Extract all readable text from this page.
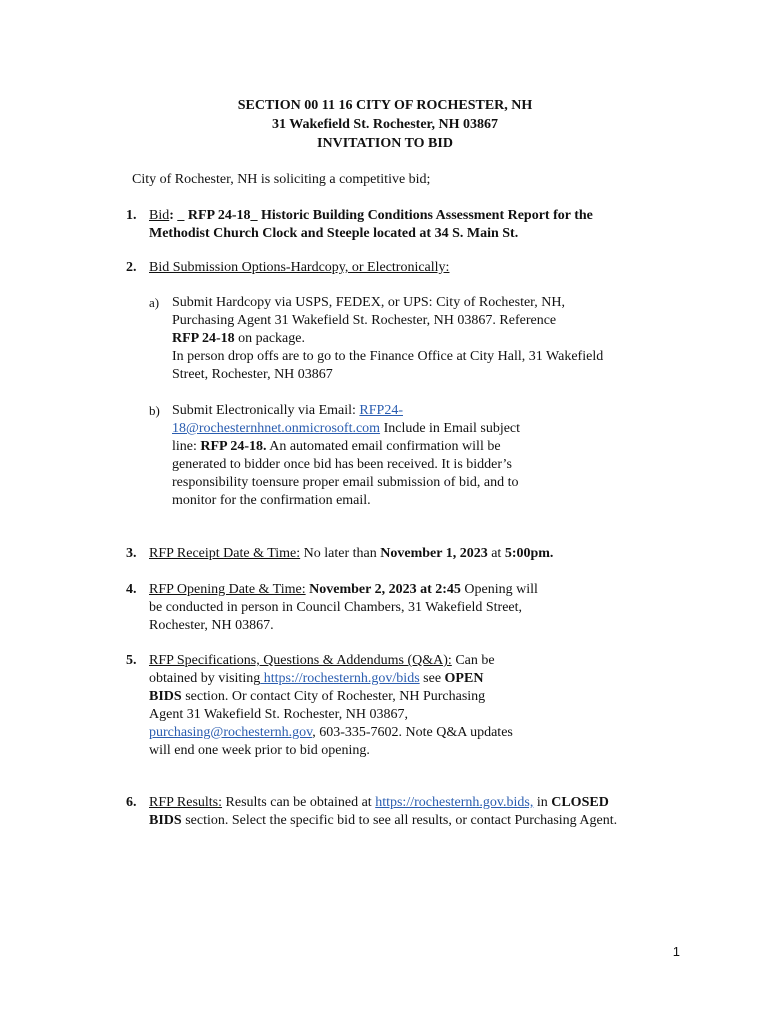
SECTION 00 11 16 CITY OF ROCHESTER, NH
31 Wakefield St. Rochester, NH 03867
INVITATION TO BID
City of Rochester, NH is soliciting a competitive bid;
1. Bid: _ RFP 24-18_ Historic Building Conditions Assessment Report for the
Methodist Church Clock and Steeple located at 34 S. Main St.
2. Bid Submission Options-Hardcopy, or Electronically:
a) Submit Hardcopy via USPS, FEDEX, or UPS: City of Rochester, NH,
Purchasing Agent 31 Wakefield St. Rochester, NH 03867. Reference
RFP 24-18 on package.
In person drop offs are to go to the Finance Office at City Hall, 31 Wakefield
Street, Rochester, NH 03867
b) Submit Electronically via Email: RFP24-
18@rochesternhnet.onmicrosoft.com Include in Email subject
line: RFP 24-18. An automated email confirmation will be
generated to bidder once bid has been received. It is bidder’s
responsibility toensure proper email submission of bid, and to
monitor for the confirmation email.
3. RFP Receipt Date & Time: No later than November 1, 2023 at 5:00pm.
4. RFP Opening Date & Time: November 2, 2023 at 2:45 Opening will
be conducted in person in Council Chambers, 31 Wakefield Street,
Rochester, NH 03867.
5. RFP Specifications, Questions & Addendums (Q&A): Can be
obtained by visiting https://rochesternh.gov/bids see OPEN
BIDS section. Or contact City of Rochester, NH Purchasing
Agent 31 Wakefield St. Rochester, NH 03867,
purchasing@rochesternh.gov, 603-335-7602. Note Q&A updates
will end one week prior to bid opening.
6. RFP Results: Results can be obtained at https://rochesternh.gov.bids, in CLOSED
BIDS section. Select the specific bid to see all results, or contact Purchasing Agent.
1
